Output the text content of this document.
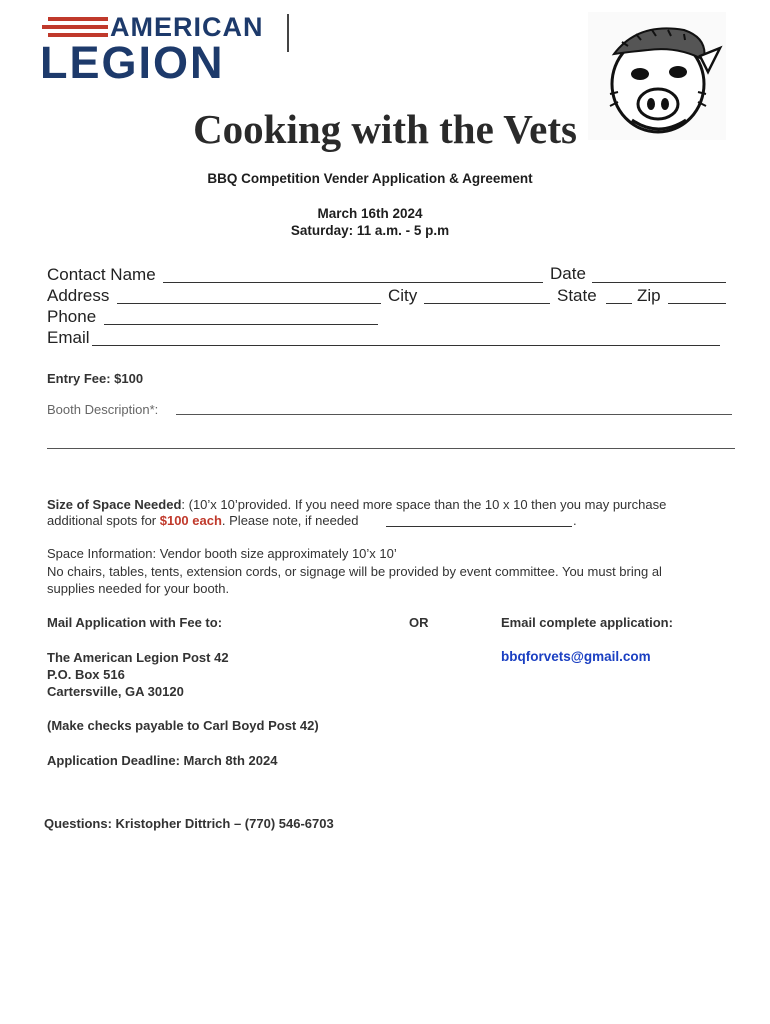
AMERICAN
LEGION
Cooking with the Vets
BBQ Competition Vender Application & Agreement
March 16th 2024
Saturday: 11 a.m. - 5 p.m
Contact Name	Date
Address	City	State Zip
Phone
Email
Entry Fee: $100
Booth Description*:
Size of Space Needed: (10’x 10’provided. If you need more space than the 10 x 10 then you may purchase
additional spots for $100 each. Please note, if needed	.
Space Information: Vendor booth size approximately 10’x 10’
No chairs, tables, tents, extension cords, or signage will be provided by event committee. You must bring al
supplies needed for your booth.
Mail Application with Fee to:	OR	Email complete application:
The American Legion Post 42
P.O. Box 516
Cartersville, GA 30120
bbqforvets@gmail.com
(Make checks payable to Carl Boyd Post 42)
Application Deadline: March 8th 2024
Questions: Kristopher Dittrich – (770) 546-6703
